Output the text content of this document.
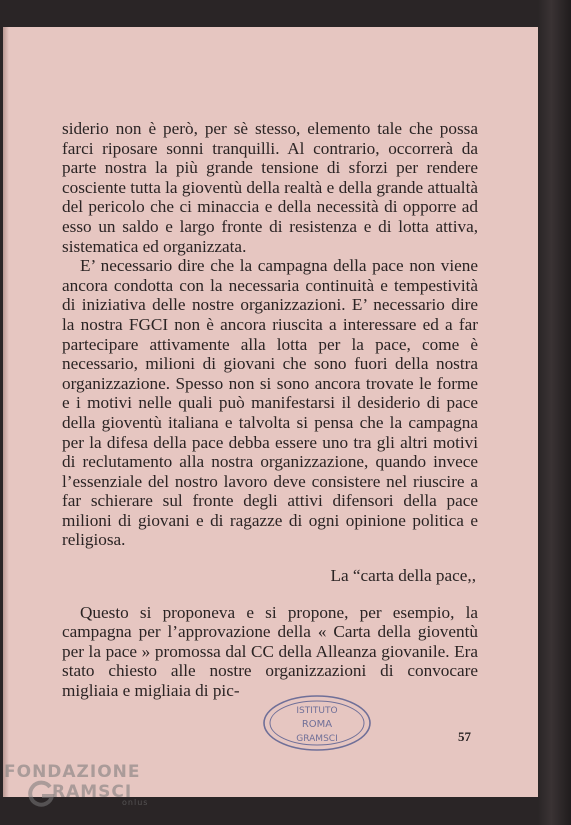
siderio non è però, per sè stesso, elemento tale che possa farci riposare sonni tranquilli. Al contrario, occorrerà da parte nostra la più grande tensione di sforzi per rendere cosciente tutta la gioventù della realtà e della grande attualtà del pericolo che ci minaccia e della necessità di opporre ad esso un saldo e largo fronte di resistenza e di lotta attiva, sistematica ed organizzata.

E’ necessario dire che la campagna della pace non viene ancora condotta con la necessaria continuità e tempestività di iniziativa delle nostre organizzazioni. E’ necessario dire la nostra FGCI non è ancora riuscita a interessare ed a far partecipare attivamente alla lotta per la pace, come è necessario, milioni di giovani che sono fuori della nostra organizzazione. Spesso non si sono ancora trovate le forme e i motivi nelle quali può manifestarsi il desiderio di pace della gioventù italiana e talvolta si pensa che la campagna per la difesa della pace debba essere uno tra gli altri motivi di reclutamento alla nostra organizzazione, quando invece l’essenziale del nostro lavoro deve consistere nel riuscire a far schierare sul fronte degli attivi difensori della pace milioni di giovani e di ragazze di ogni opinione politica e religiosa.

La “carta della pace,,

Questo si proponeva e si propone, per esempio, la campagna per l’approvazione della « Carta della gioventù per la pace » promossa dal CC della Alleanza giovanile. Era stato chiesto alle nostre organizzazioni di convocare migliaia e migliaia di pic-

57
ISTITUTO
ROMA
GRAMSCI
FONDAZIONE
RAMSCI
onlus
